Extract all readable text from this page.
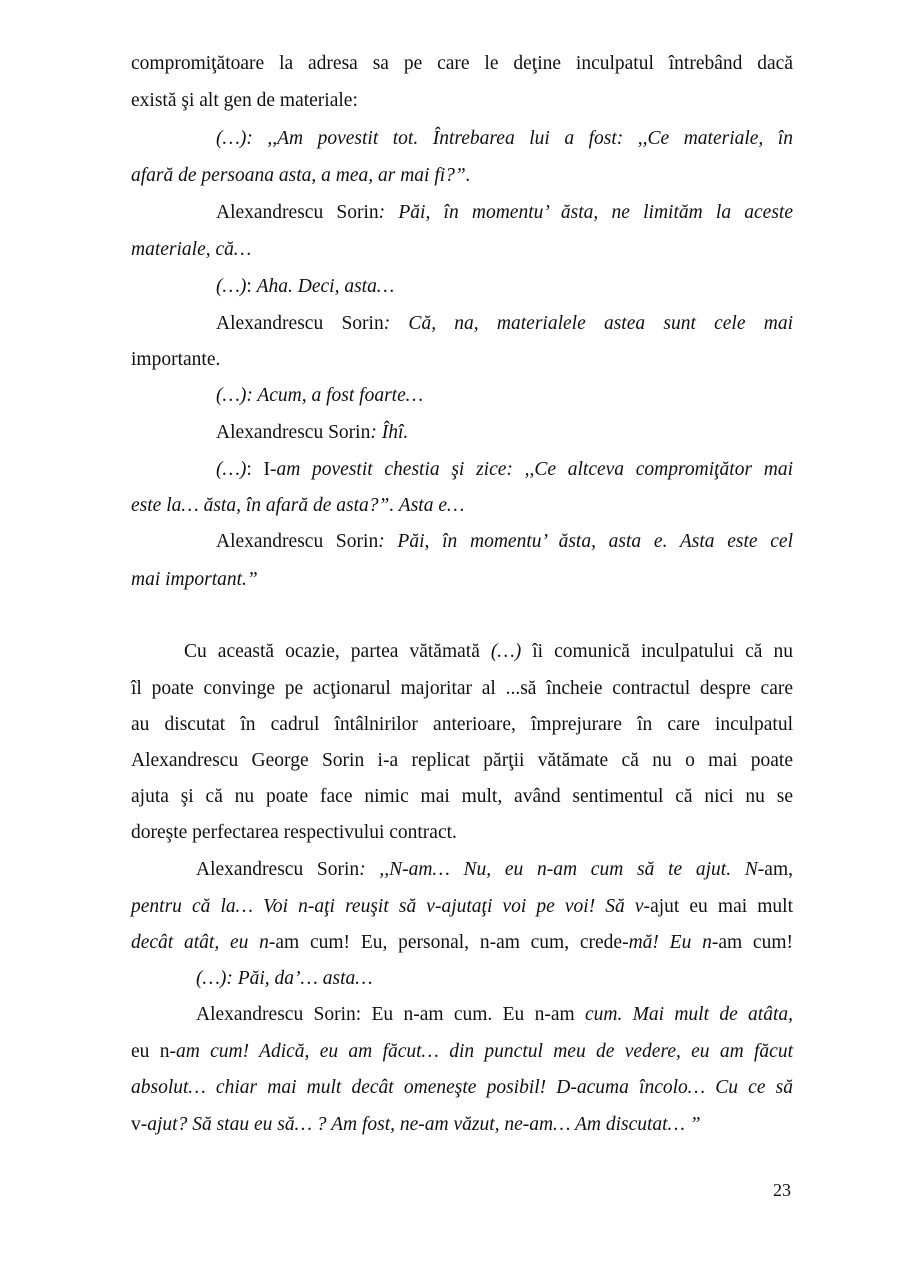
compromiţătoare la adresa sa pe care le deţine inculpatul întrebând dacă
există şi alt gen de materiale:
(…): ,,Am povestit tot. Întrebarea lui a fost: ,,Ce materiale, în
afară de persoana asta, a mea, ar mai fi?”.
Alexandrescu Sorin: Păi, în momentu’ ăsta, ne limităm la aceste
materiale, că…
(…): Aha. Deci, asta…
Alexandrescu Sorin: Că, na, materialele astea sunt cele mai
importante.
(…): Acum, a fost foarte…
Alexandrescu Sorin: Îhî.
(…): I-am povestit chestia şi zice: ,,Ce altceva compromiţător mai
este la… ăsta, în afară de asta?”. Asta e…
Alexandrescu Sorin: Păi, în momentu’ ăsta, asta e. Asta este cel
mai important.”
Cu această ocazie, partea vătămată (…) îi comunică inculpatului că nu
îl poate convinge pe acţionarul majoritar al ...să încheie contractul despre care
au discutat în cadrul întâlnirilor anterioare, împrejurare în care inculpatul
Alexandrescu George Sorin i-a replicat părţii vătămate că nu o mai poate
ajuta şi că nu poate face nimic mai mult, având sentimentul că nici nu se
doreşte perfectarea respectivului contract.
Alexandrescu Sorin: ,,N-am… Nu, eu n-am cum să te ajut. N-am,
pentru că la… Voi n-aţi reuşit să v-ajutaţi voi pe voi! Să v-ajut eu mai mult
decât atât, eu n-am cum! Eu, personal, n-am cum, crede-mă! Eu n-am cum!
(…): Păi, da’… asta…
Alexandrescu Sorin: Eu n-am cum. Eu n-am cum. Mai mult de atâta,
eu n-am cum! Adică, eu am făcut… din punctul meu de vedere, eu am făcut
absolut… chiar mai mult decât omeneşte posibil! D-acuma încolo… Cu ce să
v-ajut? Să stau eu să… ? Am fost, ne-am văzut, ne-am… Am discutat… ”
23
